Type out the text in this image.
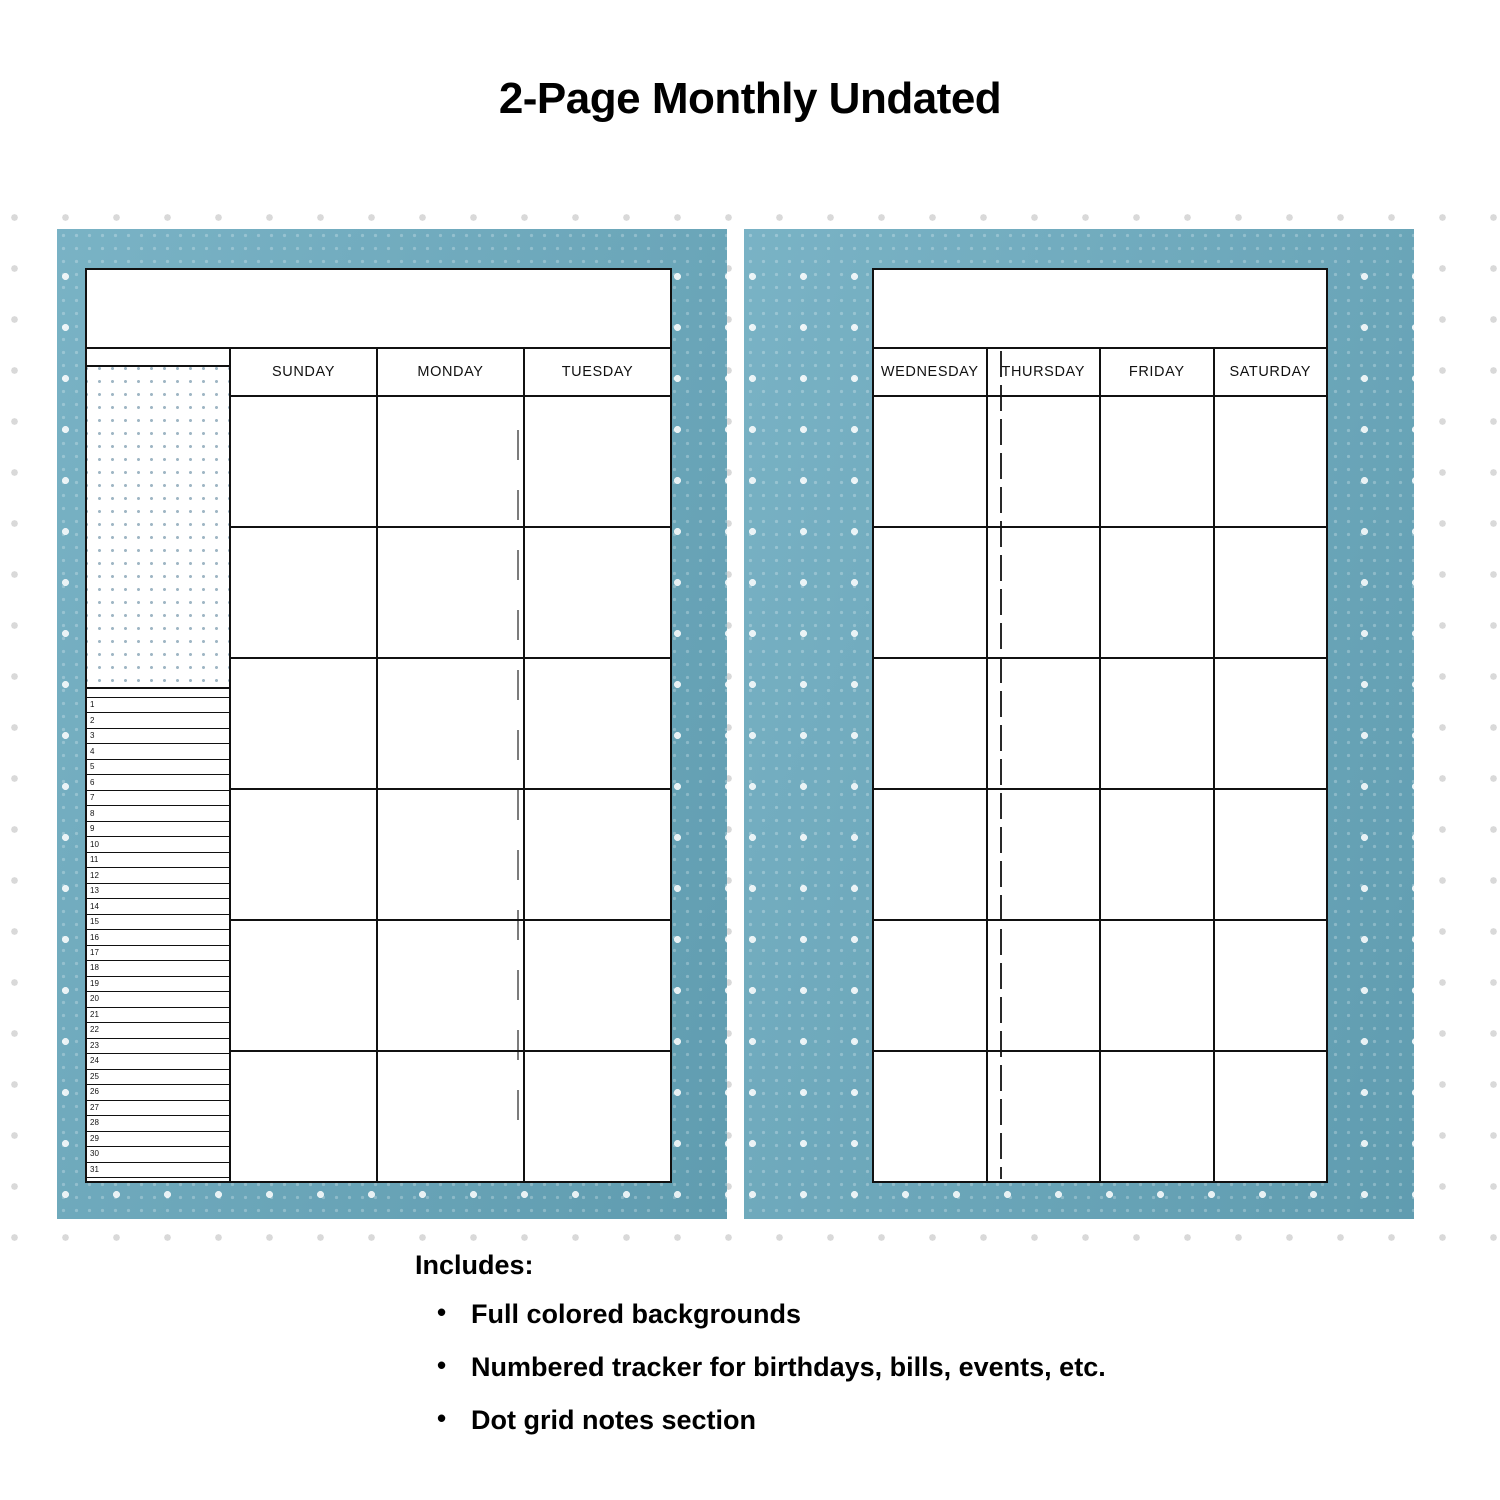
2-Page Monthly Undated
1
2
3
4
5
6
7
8
9
10
11
12
13
14
15
16
17
18
19
20
21
22
23
24
25
26
27
28
29
30
31
SUNDAY	MONDAY	TUESDAY	WEDNESDAY	THURSDAY	FRIDAY	SATURDAY
Includes:
• Full colored backgrounds
• Numbered tracker for birthdays, bills, events, etc.
• Dot grid notes section
